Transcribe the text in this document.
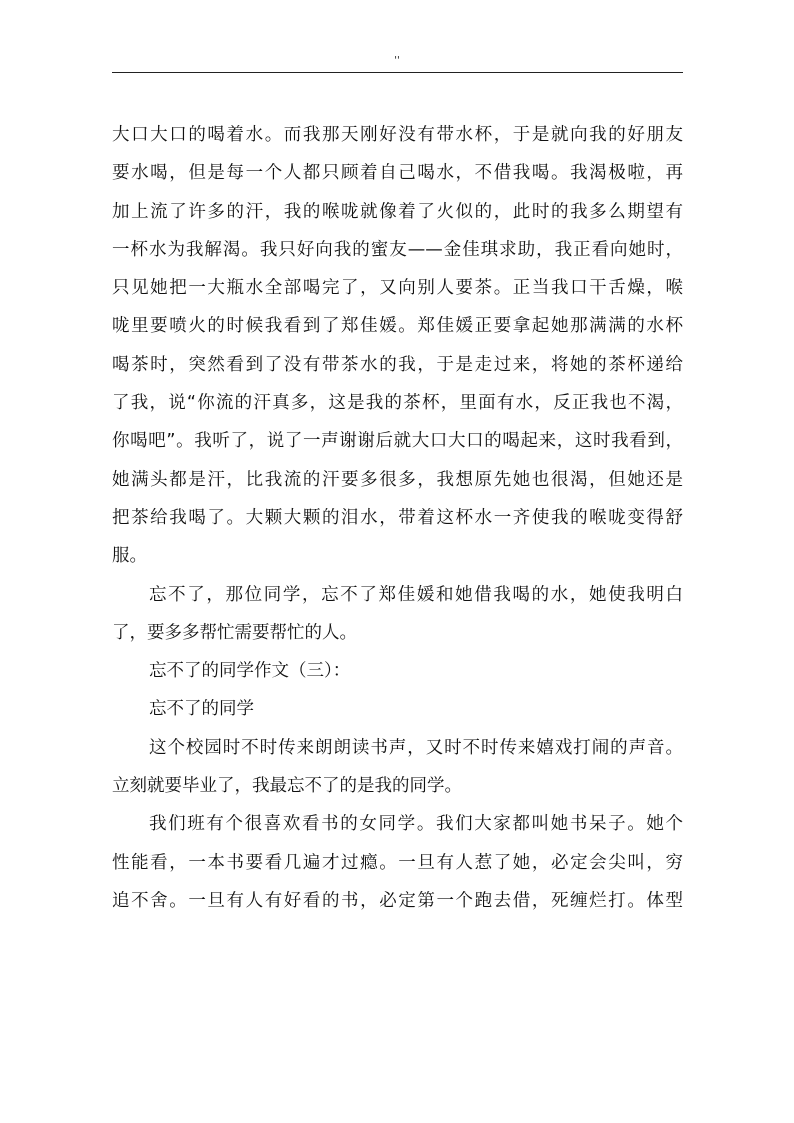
''
大口大口的喝着水。而我那天刚好没有带水杯，于是就向我的好朋友
要水喝，但是每一个人都只顾着自己喝水，不借我喝。我渴极啦，再
加上流了许多的汗，我的喉咙就像着了火似的，此时的我多么期望有
一杯水为我解渴。我只好向我的蜜友——金佳琪求助，我正看向她时，
只见她把一大瓶水全部喝完了，又向别人要茶。正当我口干舌燥，喉
咙里要喷火的时候我看到了郑佳媛。郑佳媛正要拿起她那满满的水杯
喝茶时，突然看到了没有带茶水的我，于是走过来，将她的茶杯递给
了我，说“你流的汗真多，这是我的茶杯，里面有水，反正我也不渴，
你喝吧”。我听了，说了一声谢谢后就大口大口的喝起来，这时我看到，
她满头都是汗，比我流的汗要多很多，我想原先她也很渴，但她还是
把茶给我喝了。大颗大颗的泪水，带着这杯水一齐使我的喉咙变得舒
服。
忘不了，那位同学，忘不了郑佳媛和她借我喝的水，她使我明白
了，要多多帮忙需要帮忙的人。
忘不了的同学作文（三）：
忘不了的同学
这个校园时不时传来朗朗读书声，又时不时传来嬉戏打闹的声音。
立刻就要毕业了，我最忘不了的是我的同学。
我们班有个很喜欢看书的女同学。我们大家都叫她书呆子。她个
性能看，一本书要看几遍才过瘾。一旦有人惹了她，必定会尖叫，穷
追不舍。一旦有人有好看的书，必定第一个跑去借，死缠烂打。体型
